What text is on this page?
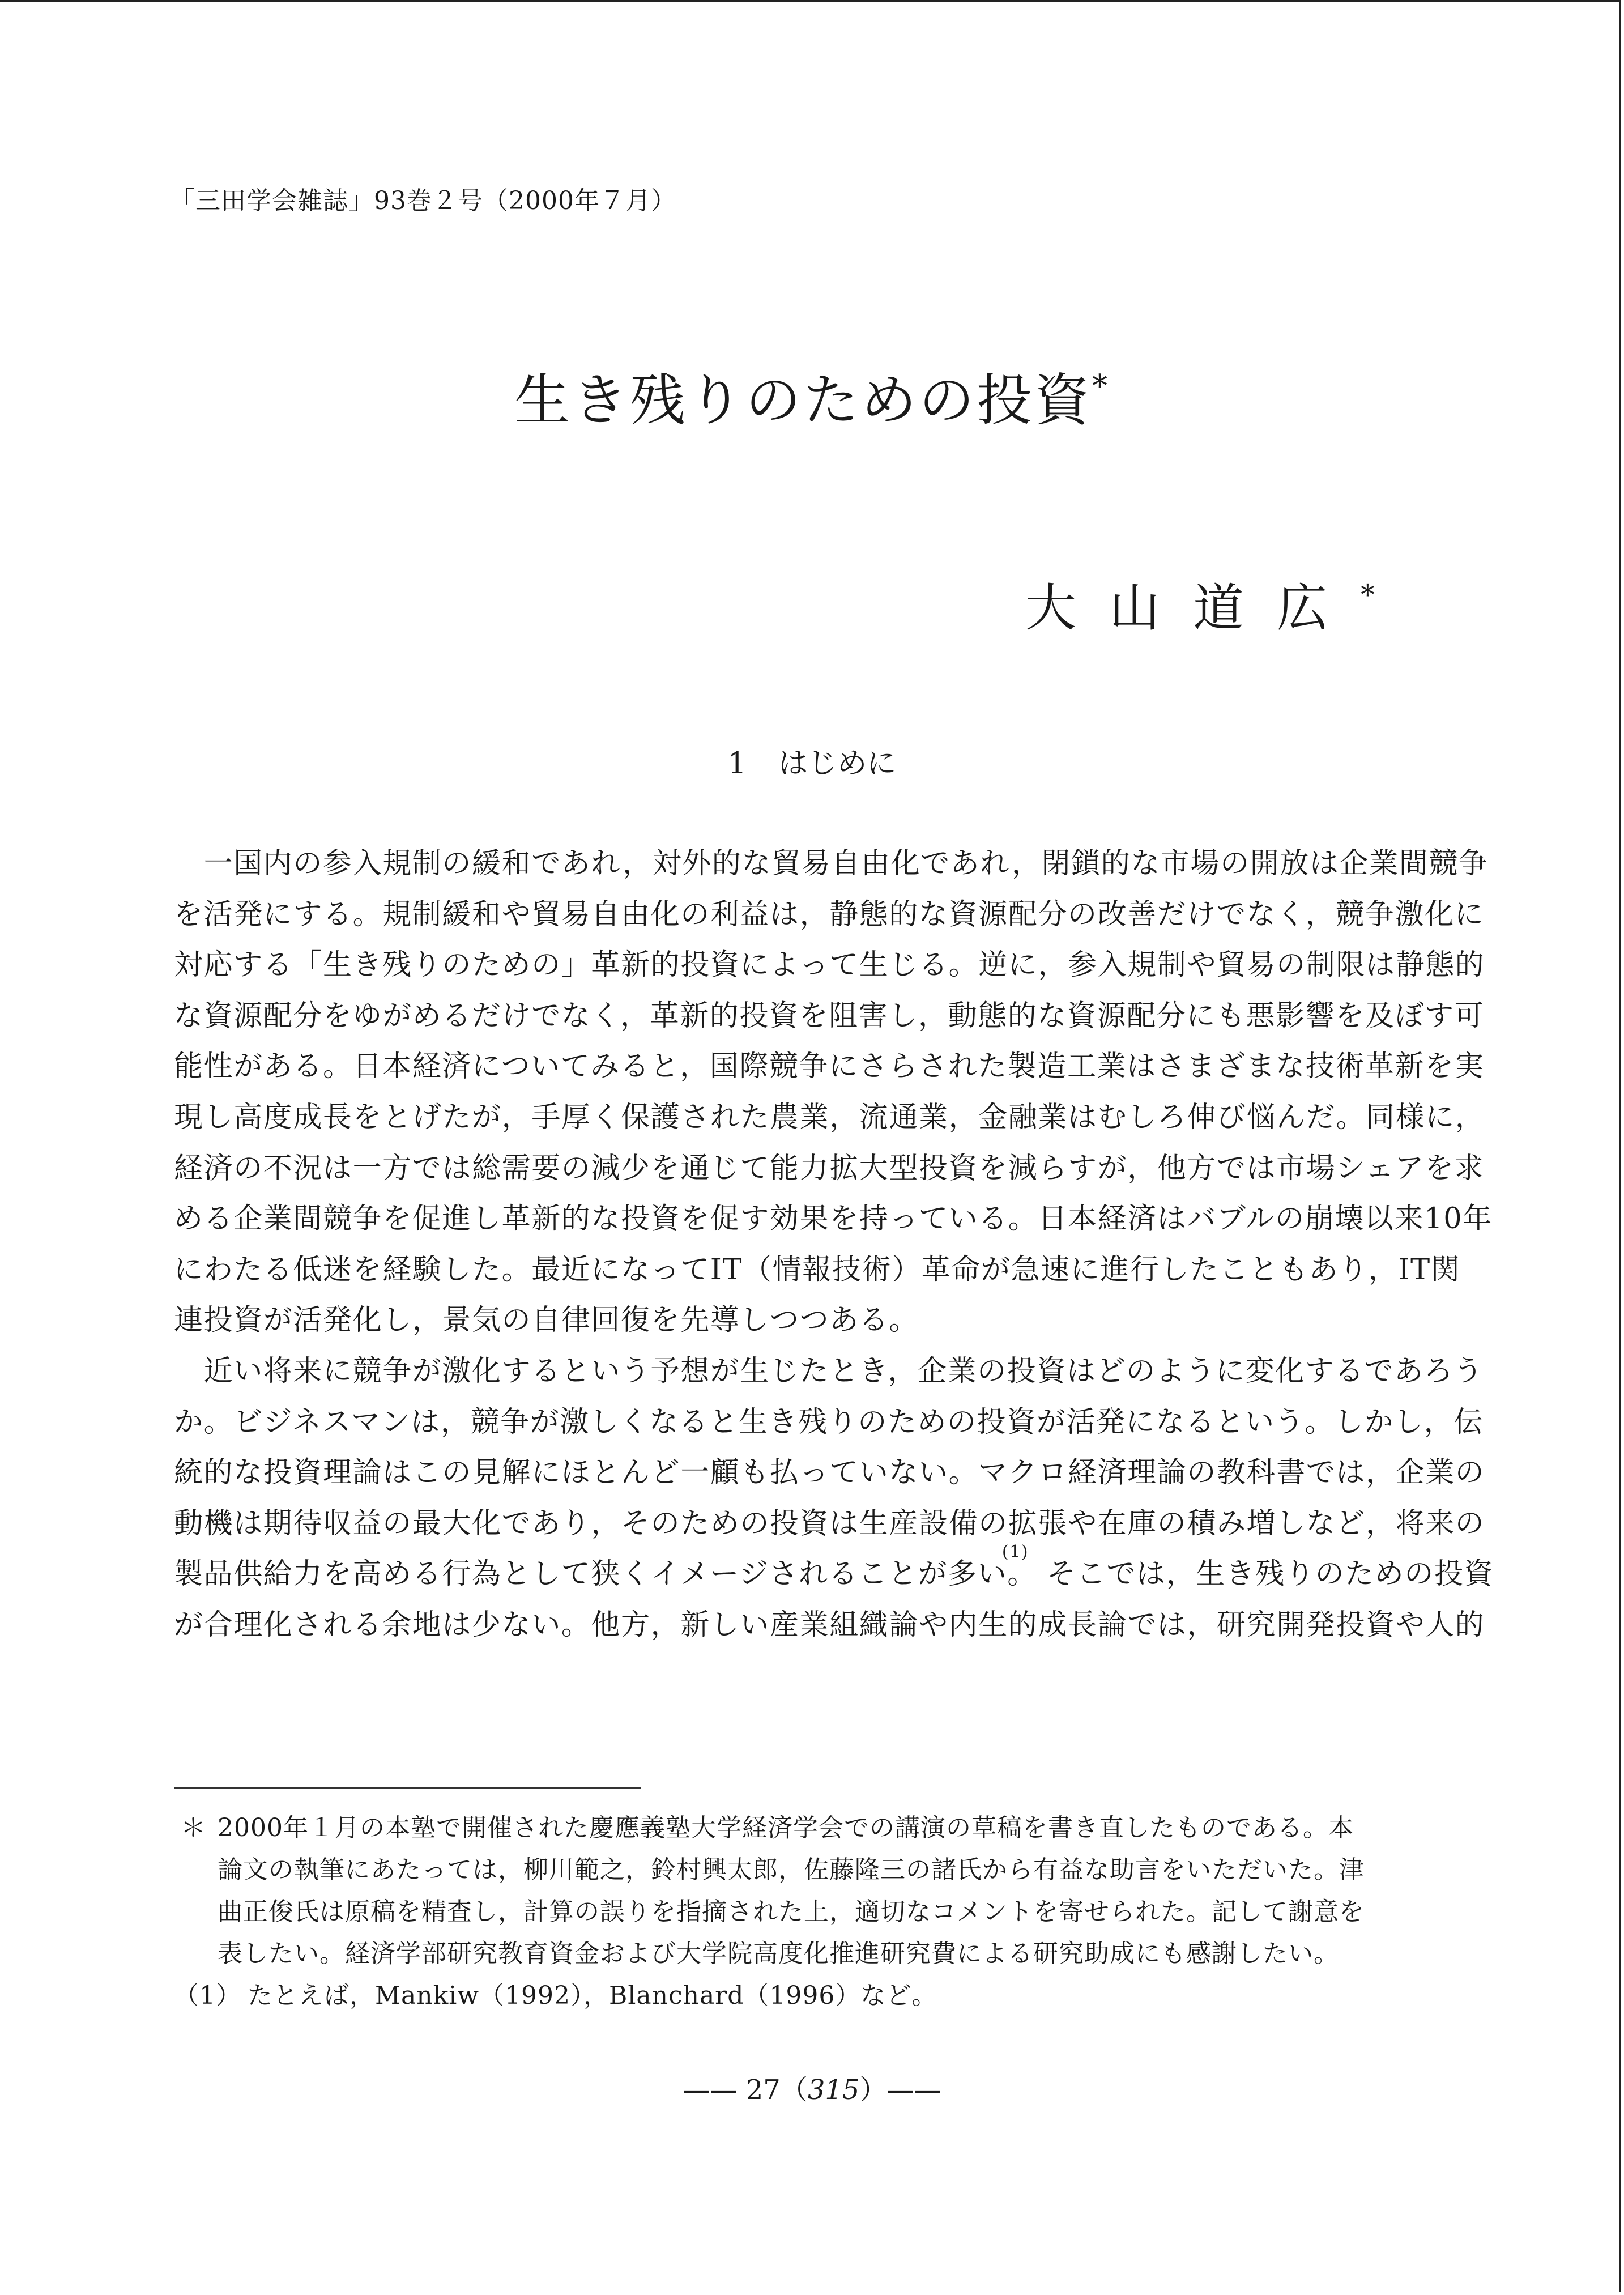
「三田学会雑誌」93巻２号（2000年７月）
生き残りのための投資*
大山道広*
1 はじめに
　一国内の参入規制の緩和であれ，対外的な貿易自由化であれ，閉鎖的な市場の開放は企業間競争
を活発にする。規制緩和や貿易自由化の利益は，静態的な資源配分の改善だけでなく，競争激化に
対応する「生き残りのための」革新的投資によって生じる。逆に，参入規制や貿易の制限は静態的
な資源配分をゆがめるだけでなく，革新的投資を阻害し，動態的な資源配分にも悪影響を及ぼす可
能性がある。日本経済についてみると，国際競争にさらされた製造工業はさまざまな技術革新を実
現し高度成長をとげたが，手厚く保護された農業，流通業，金融業はむしろ伸び悩んだ。同様に，
経済の不況は一方では総需要の減少を通じて能力拡大型投資を減らすが，他方では市場シェアを求
める企業間競争を促進し革新的な投資を促す効果を持っている。日本経済はバブルの崩壊以来10年
にわたる低迷を経験した。最近になってIT（情報技術）革命が急速に進行したこともあり，IT関
連投資が活発化し，景気の自律回復を先導しつつある。
　近い将来に競争が激化するという予想が生じたとき，企業の投資はどのように変化するであろう
か。ビジネスマンは，競争が激しくなると生き残りのための投資が活発になるという。しかし，伝
統的な投資理論はこの見解にほとんど一顧も払っていない。マクロ経済理論の教科書では，企業の
動機は期待収益の最大化であり，そのための投資は生産設備の拡張や在庫の積み増しなど，将来の
製品供給力を高める行為として狭くイメージされることが多い。$^{(1)}$そこでは，生き残りのための投資
が合理化される余地は少ない。他方，新しい産業組織論や内生的成長論では，研究開発投資や人的
＊ 2000年１月の本塾で開催された慶應義塾大学経済学会での講演の草稿を書き直したものである。本
論文の執筆にあたっては，柳川範之，鈴村興太郎，佐藤隆三の諸氏から有益な助言をいただいた。津
曲正俊氏は原稿を精査し，計算の誤りを指摘された上，適切なコメントを寄せられた。記して謝意を
表したい。経済学部研究教育資金および大学院高度化推進研究費による研究助成にも感謝したい。
（1） たとえば，Mankiw（1992），Blanchard（1996）など。
—— 27（315）——
